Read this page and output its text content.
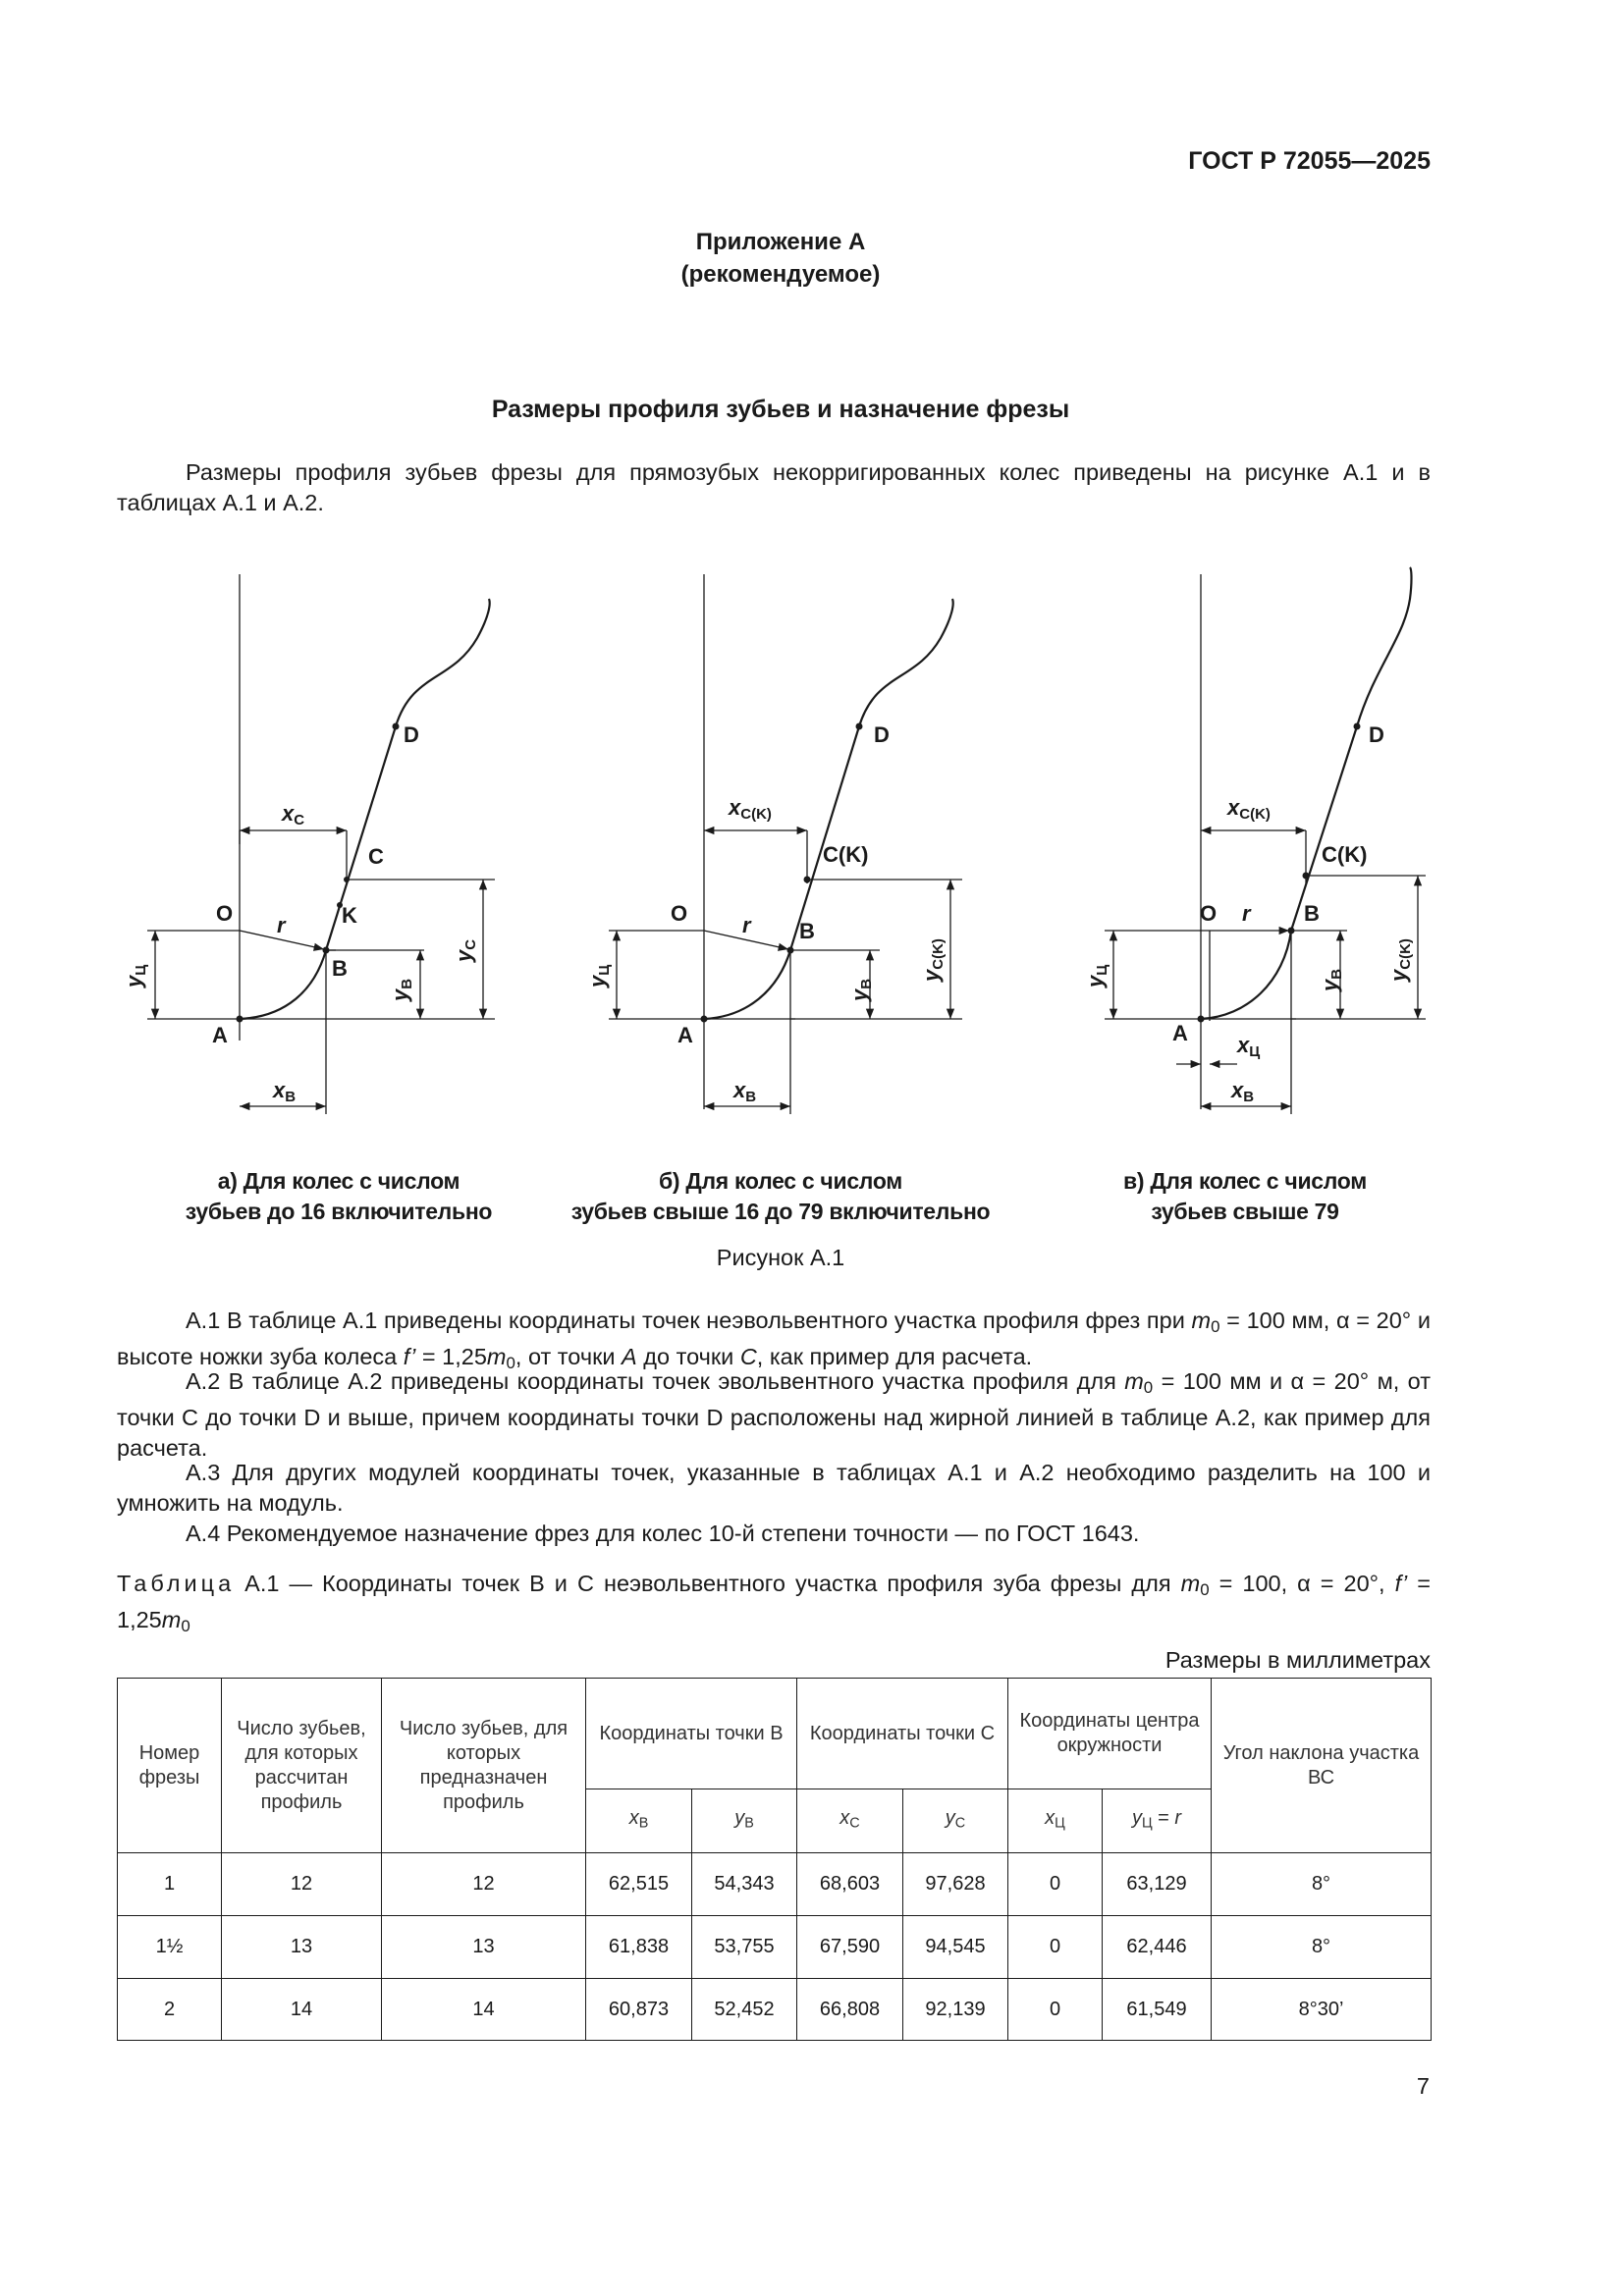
ГОСТ Р 72055—2025
Приложение А
(рекомендуемое)
Размеры профиля зубьев и назначение фрезы
Размеры профиля зубьев фрезы для прямозубых некорригированных колес приведены на рисунке А.1 и в таблицах А.1 и А.2.
D
C
O r	K
B
A
xC
xB
yЦ
yB
yC
D
C(K)
O	r B
A
xC(K)
xB
yЦ
yB
yC(K)
D
C(K)
O r B
A
xC(K)
xЦ
xB
yЦ
yB yC(K)
а) Для колес с числом
зубьев до 16 включительно
б) Для колес с числом
зубьев свыше 16 до 79 включительно
в) Для колес с числом
зубьев свыше 79
Рисунок А.1
А.1 В таблице А.1 приведены координаты точек неэвольвентного участка профиля фрез при $m_0 = 100$ мм, α = 20° и высоте ножки зуба колеса f’ = $1,25m_0$, от точки A до точки C, как пример для расчета.
А.2 В таблице А.2 приведены координаты точек эвольвентного участка профиля для $m_0 = 100$ мм и α = 20° м, от точки С до точки D и выше, причем координаты точки D расположены над жирной линией в таблице А.2, как пример для расчета.
А.3 Для других модулей координаты точек, указанные в таблицах А.1 и А.2 необходимо разделить на 100 и умножить на модуль.
А.4 Рекомендуемое назначение фрез для колес 10-й степени точности — по ГОСТ 1643.
Таблица А.1 — Координаты точек В и С неэвольвентного участка профиля зуба фрезы для $m_0 = 100$, α = 20°, f’ = $1,25m_0$
Размеры в миллиметрах
Номер фрезы	Число зубьев, для которых рассчитан профиль	Число зубьев, для которых предназначен профиль	Координаты точки В		Координаты точки С		Координаты центра окружности		Угол наклона участка ВС
			$x_В$	$y_В$	$x_С$	$y_С$	$x_Ц$	$y_Ц = r$	
1	12	12	62,515	54,343	68,603	97,628	0	63,129	8°
1½	13	13	61,838	53,755	67,590	94,545	0	62,446	8°
2	14	14	60,873	52,452	66,808	92,139	0	61,549	8°30’
7
